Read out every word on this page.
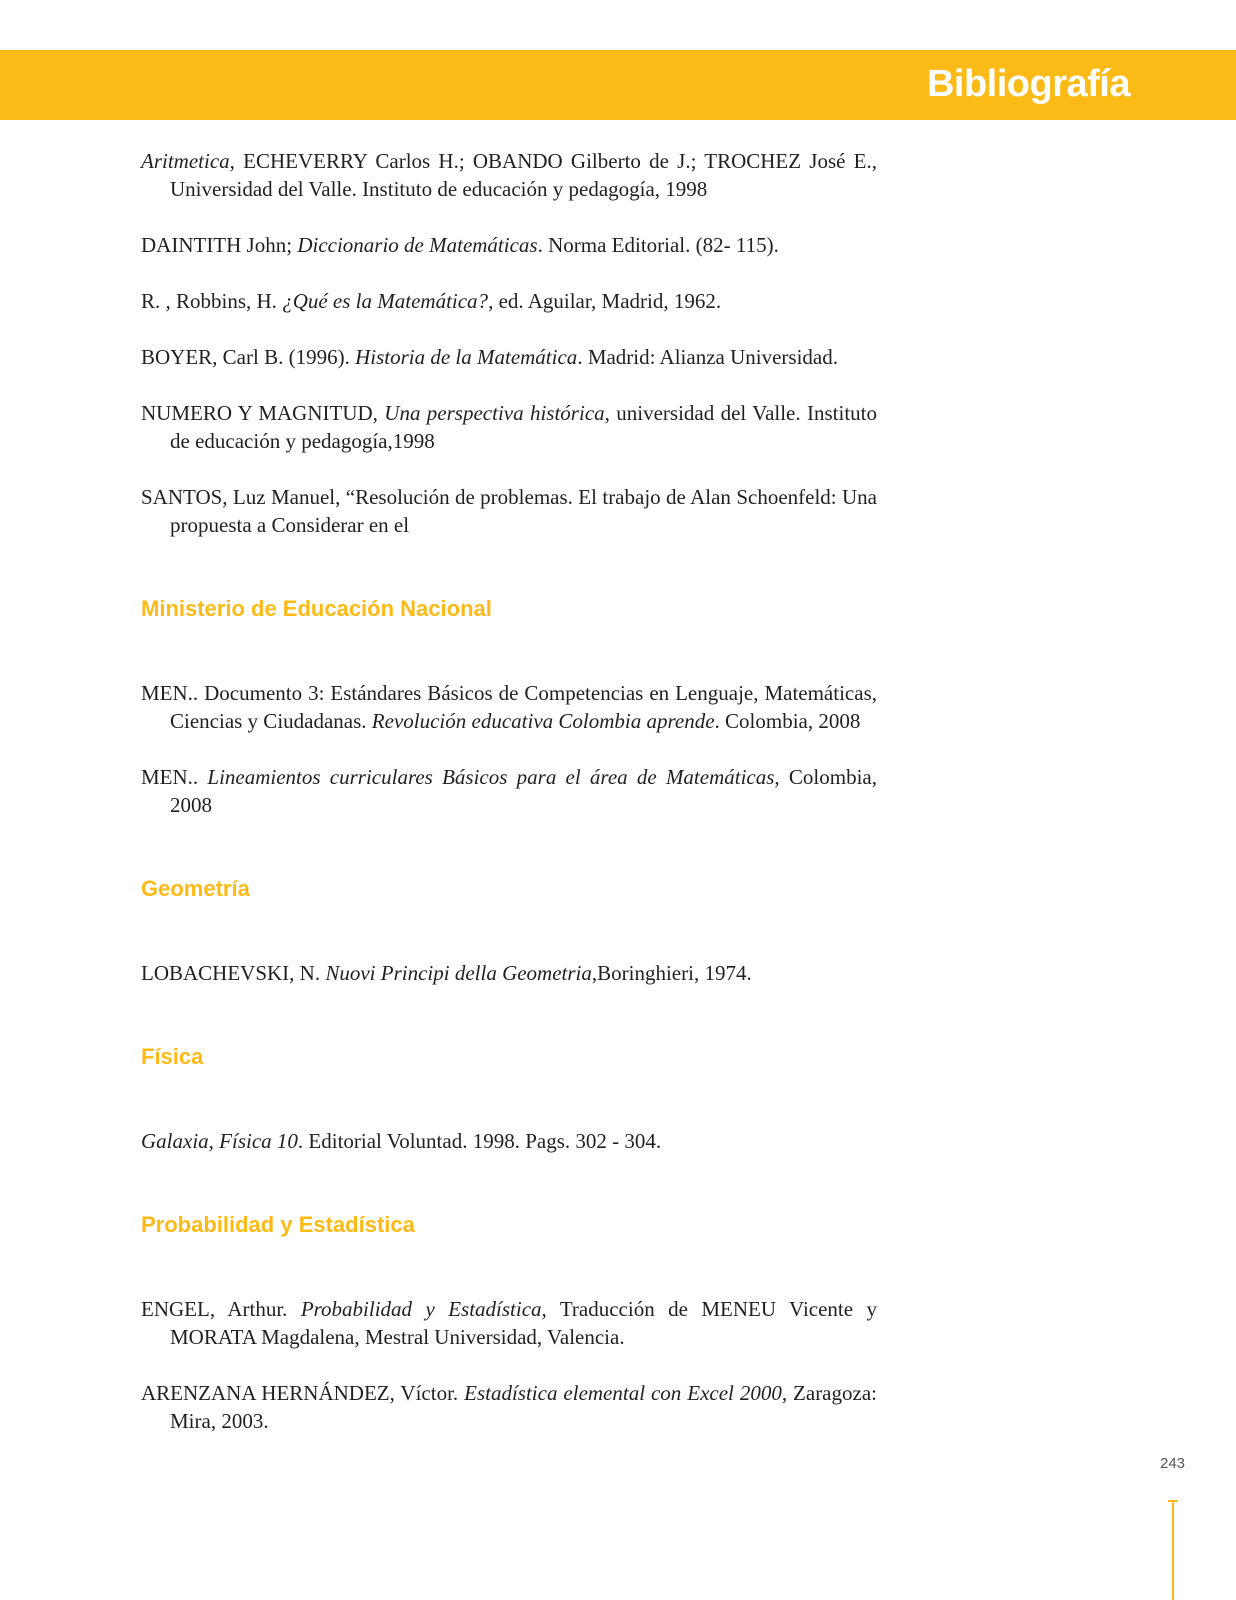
Bibliografía

Aritmetica, ECHEVERRY Carlos H.; OBANDO Gilberto de J.; TROCHEZ José E., Universidad del Valle. Instituto de educación y pedagogía, 1998

DAINTITH John; Diccionario de Matemáticas. Norma Editorial. (82- 115).

R. , Robbins, H. ¿Qué es la Matemática?, ed. Aguilar, Madrid, 1962.

BOYER, Carl B. (1996). Historia de la Matemática. Madrid: Alianza Universidad.

NUMERO Y MAGNITUD, Una perspectiva histórica, universidad del Valle. Instituto de educación y pedagogía,1998

SANTOS, Luz Manuel, “Resolución de problemas. El trabajo de Alan Schoenfeld: Una propuesta a Considerar en el

Ministerio de Educación Nacional

MEN.. Documento 3: Estándares Básicos de Competencias en Lenguaje, Matemáticas, Ciencias y Ciudadanas. Revolución educativa Colombia aprende. Colombia, 2008

MEN.. Lineamientos curriculares Básicos para el área de Matemáticas, Colombia, 2008

Geometría

LOBACHEVSKI, N. Nuovi Principi della Geometria,Boringhieri, 1974.

Física

Galaxia, Física 10. Editorial Voluntad. 1998. Pags. 302 - 304.

Probabilidad y Estadística

ENGEL, Arthur. Probabilidad y Estadística, Traducción de MENEU Vicente y MORATA Magdalena, Mestral Universidad, Valencia.

ARENZANA HERNÁNDEZ, Víctor. Estadística elemental con Excel 2000, Zaragoza: Mira, 2003.

243
